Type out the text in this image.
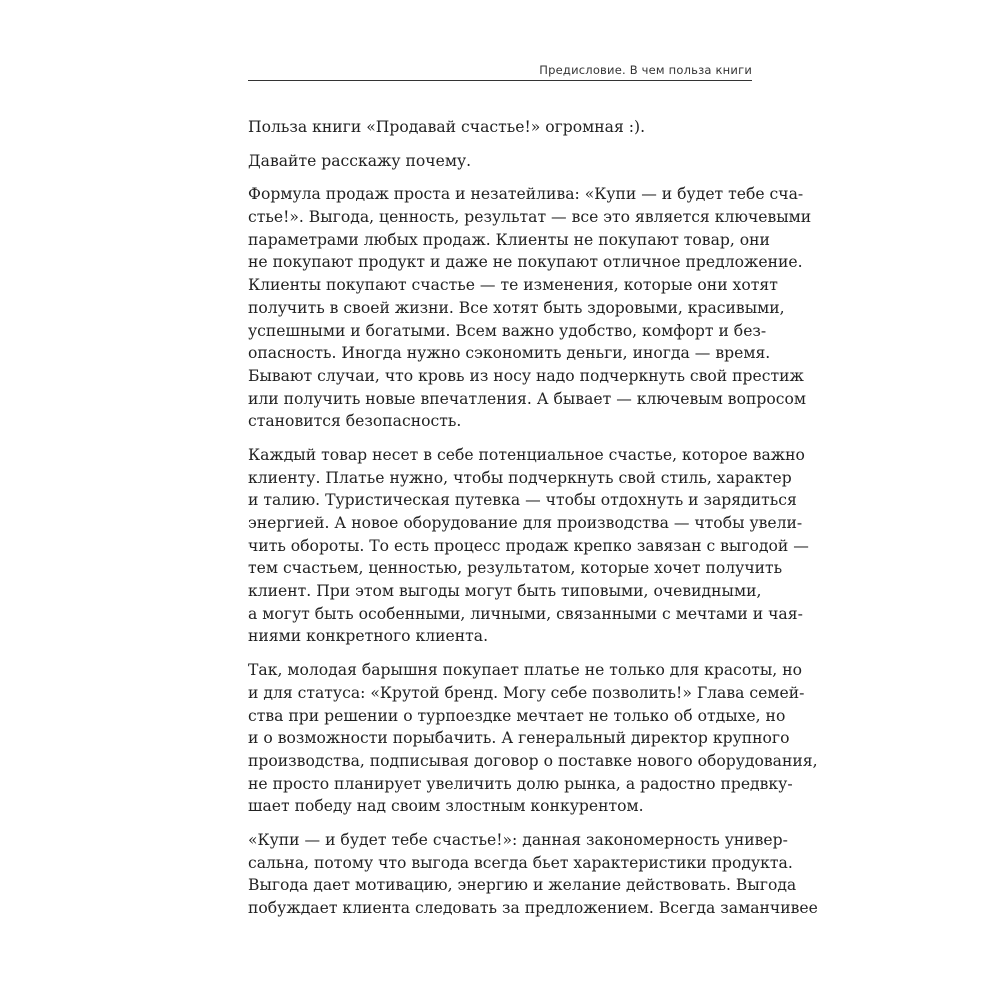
Предисловие. В чем польза книги
Польза книги «Продавай счастье!» огромная :).
Давайте расскажу почему.
Формула продаж проста и незатейлива: «Купи — и будет тебе сча-
стье!». Выгода, ценность, результат — все это является ключевыми
параметрами любых продаж. Клиенты не покупают товар, они
не покупают продукт и даже не покупают отличное предложение.
Клиенты покупают счастье — те изменения, которые они хотят
получить в своей жизни. Все хотят быть здоровыми, красивыми,
успешными и богатыми. Всем важно удобство, комфорт и без-
опасность. Иногда нужно сэкономить деньги, иногда — время.
Бывают случаи, что кровь из носу надо подчеркнуть свой престиж
или получить новые впечатления. А бывает — ключевым вопросом
становится безопасность.
Каждый товар несет в себе потенциальное счастье, которое важно
клиенту. Платье нужно, чтобы подчеркнуть свой стиль, характер
и талию. Туристическая путевка — чтобы отдохнуть и зарядиться
энергией. А новое оборудование для производства — чтобы увели-
чить обороты. То есть процесс продаж крепко завязан с выгодой —
тем счастьем, ценностью, результатом, которые хочет получить
клиент. При этом выгоды могут быть типовыми, очевидными,
а могут быть особенными, личными, связанными с мечтами и чая-
ниями конкретного клиента.
Так, молодая барышня покупает платье не только для красоты, но
и для статуса: «Крутой бренд. Могу себе позволить!» Глава семей-
ства при решении о турпоездке мечтает не только об отдыхе, но
и о возможности порыбачить. А генеральный директор крупного
производства, подписывая договор о поставке нового оборудования,
не просто планирует увеличить долю рынка, а радостно предвку-
шает победу над своим злостным конкурентом.
«Купи — и будет тебе счастье!»: данная закономерность универ-
сальна, потому что выгода всегда бьет характеристики продукта.
Выгода дает мотивацию, энергию и желание действовать. Выгода
побуждает клиента следовать за предложением. Всегда заманчивее
